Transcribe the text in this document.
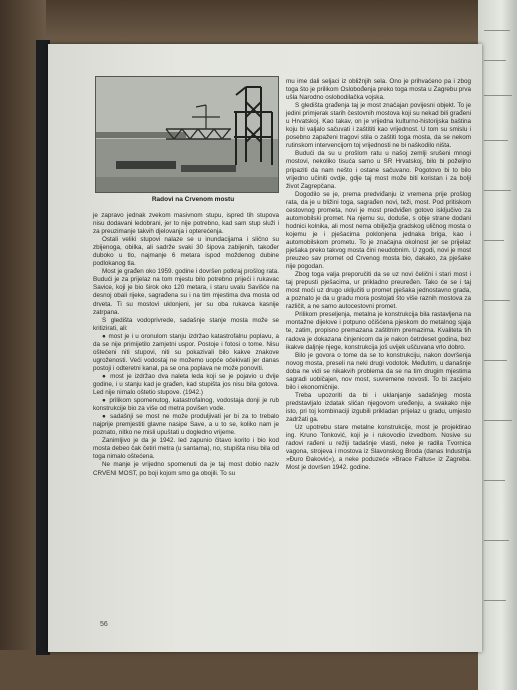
Radovi na Crvenom mostu

je zapravo jednak zvekom masivnom stupu, ispred tih stupova nisu dodavani ledobrani, jer to nije potrebno, kad sam stup služi i za preuzimanje takvih djelovanja i opterećenja.

Ostali veliki stupovi nalaze se u inundacijama i slično su zbijenoga, obilka, ali sadrže svaki 30 šipova zabijenih, također duboko u tlo, najmanje 6 metara ispod moždenog dubine podlokanog tla.

Most je građen oko 1959. godine i dovršen potkraj prošlog rata. Budući je za prijelaz na tom mjestu bilo potrebno prijeći i rukavac Savice, koji je bio širok oko 120 metara, i staru uvalu Savišće na desnoj obali rijeke, sagrađena su i na tim mjestima dva mosta od drveta. Ti su mostovi uklonjeni, jer su oba rukavca kasnije zatrpana.

S gledišta vodoprivrede, sadašnje stanje mosta može se kritizirati, ali:

● most je i u oronulom stanju izdržao katastrofalnu poplavu, a da se nije primijetilo zamjetni uspor. Postoje i fotosi o tome. Nisu oštećeni niti stupovi, niti su pokazivali bilo kakve znakove ugroženosti. Veći vodostaj ne možemo uopće očekivati jer danas postoji i odteretni kanal, pa se ona poplava ne može ponoviti.

● most je izdržao dva naleta leda koji se je pojavio u dvije godine, i u stanju kad je građen, kad stupišta jos nisu bila gotova. Led nije nimalo oštetio stupove. (1942.)

● prilikom spomenutog, katastrofalnog, vodostaja donji je rub konstrukcije bio za više od metra povišen vode.

● sadašnji se most ne može produljivati jer bi za to trebalo najprije premjestiti glavne nasipe Save, a u to se, koliko nam je poznato, nitko ne misli upuštati u dogledno vrijeme.

Zanimljivo je da je 1942. led zapunio čitavo korito i bio kod mosta debeo čak četiri metra (u santama), no, stupišta nisu bila od toga nimalo oštećena.

Ne manje je vrijedno spomenuti da je taj most dobio naziv CRVENI MOST, po boji kojom smo ga obojili. To su

mu ime dali seljaci iz obližnjih sela. Ono je prihvaćeno pa i zbog toga što je prilikom Oslobođenja preko toga mosta u Zagrebu prva ušla Narodno oslobodilačka vojska.

S gledišta građenja taj je most značajan povijesni objekt. To je jedini primjerak starih čestovnih mostova koji su nekad bili građeni u Hrvatskoj. Kao takav, on je vrijedna kulturno-historijska baština koju bi valjalo sačuvati i zaštititi kao vrijednost. U tom su smislu i posebno zapaženi tragovi stila o zaštiti toga mosta, da se nekom rutinskom intervencijom toj vrijednosti ne bi naškodilo ništa.

Budući da su u prošlom ratu u našoj zemlji srušeni mnogi mostovi, nekoliko tisuća samo u SR Hrvatskoj, bilo bi poželjno pripaziti da nam nešto i ostane sačuvano. Pogotovo bi to bilo vrijedno učiniti ovdje, gdje taj most može biti koristan i za bolji život Zagrepčana.

Dogodilo se je, prema predviđanju iz vremena prije prošlog rata, da je u bližini toga, sagrađen novi, teži, most. Pod pritiskom cestovnog prometa, novi je most predviđen gotovo isključivo za automobilski promet. Na njemu su, doduše, s obje strane dodani hodnici kolnika, ali most nema obilježja gradskog uličnog mosta o kojemu je i pješacima poklonjena jednaka briga, kao i automobilskom prometu. To je značajna okolnost jer se prijelaz pješaka preko takvog mosta čini neudobnim. U zgodi, novi je most preuzeo sav promet od Crvenog mosta bio, dakako, za pješake nije pogodan.

Zbog toga valja preporučiti da se uz novi čelični i stari most i taj prepusti pješacima, ur prikladno preuređen. Tako će se i taj most moći uz drugo uključiti u promet pješaka jednostavno grada, a poznato je da u gradu mora postojati što više raznih mostova za različit, a ne samo autocestovni promet.

Prilikom preseljenja, metalna je konstrukcija bila rastavljena na montažne dijelove i potpuno očišćena pjeskom do metalnog sjaja te, zatim, propisno premazana zaštitnim premazima. Kvaliteta tih radova je dokazana činjenicom da je nakon četrdeset godina, bez ikakve daljnje njege, konstrukcija još uvijek uščuvana vrlo dobro.

Bilo je govora o tome da se to konstrukciju, nakon dovršenja novog mosta, preseli na neki drugi vodotok. Međutim, u današnje doba ne vidi se nikakvih problema da se na tim drugim mjestima sagradi uobičajen, nov most, suvremene novosti. To bi zacijelo bilo i ekonomičnije.

Treba upozoriti da bi i uklanjanje sadašnjeg mosta predstavljalo izdatak sličan njegovom uređenju, a svakako nije isto, pri toj kombinaciji izgubili prikladan prijelaz u gradu, umjesto zadržati ga.

Uz upotrebu stare metalne konstrukcije, most je projektirao ing. Kruno Tonković, koji je i rukovodio izvedbom. Nosive su radovi rađeni u režiji tadašnje vlasti, neke je radila Tvornica vagona, strojeva i mostova iz Slavonskog Broda (danas Industrija »Đuro Đaković«), a neke poduzeće »Brace Faltus« iz Zagreba. Most je dovršen 1942. godine.

56
